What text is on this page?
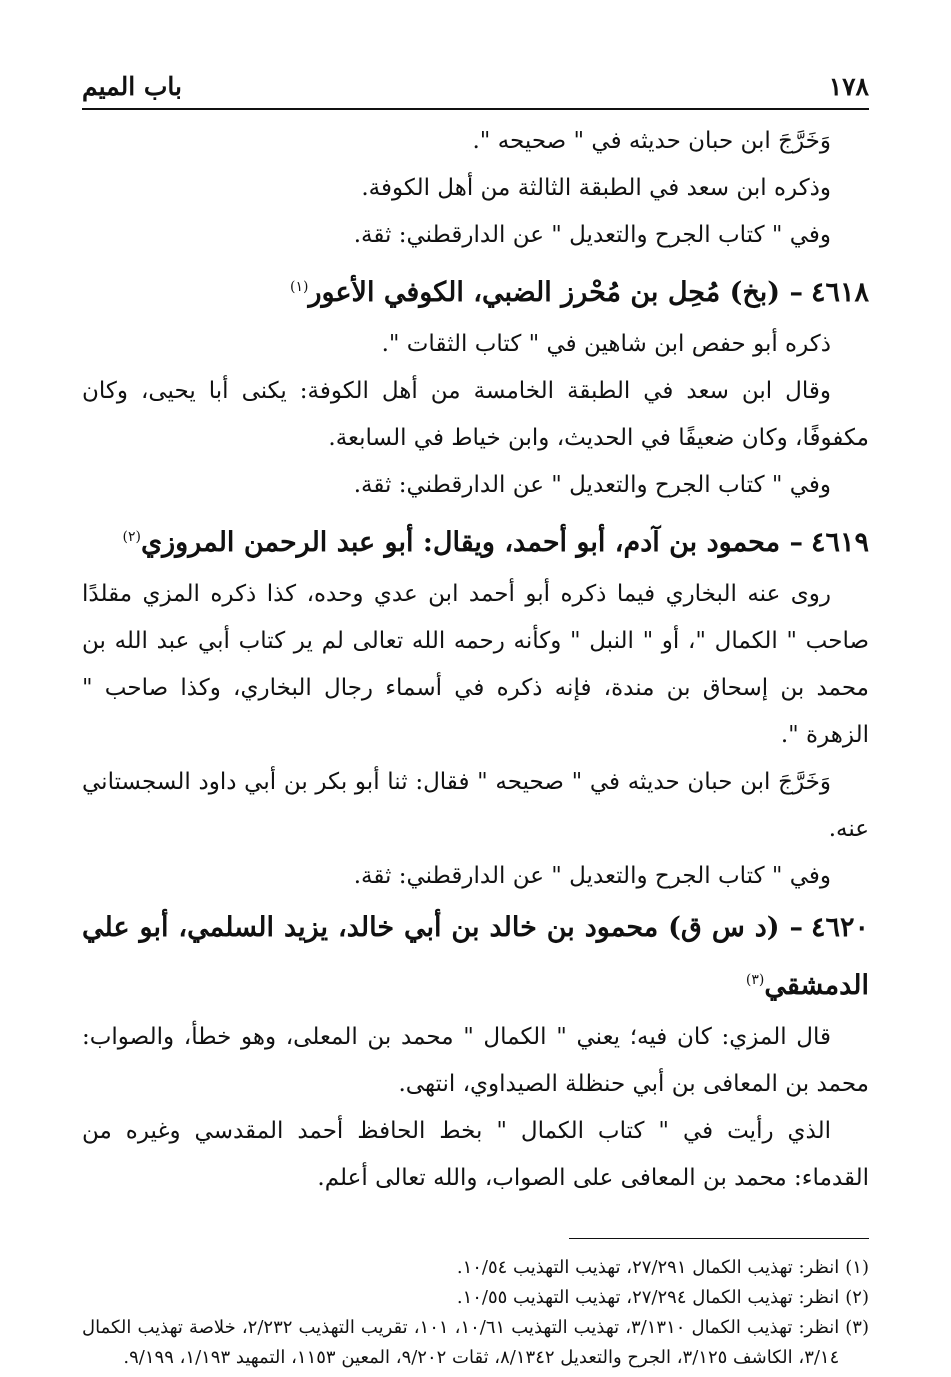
١٧٨
باب الميم

وَخَرَّجَ ابن حبان حديثه في " صحيحه ".

وذكره ابن سعد في الطبقة الثالثة من أهل الكوفة.

وفي " كتاب الجرح والتعديل " عن الدارقطني: ثقة.

٤٦١٨– (بخ) مُحِل بن مُحْرز الضبي، الكوفي الأعور$^{(١)}$

ذكره أبو حفص ابن شاهين في " كتاب الثقات ".

وقال ابن سعد في الطبقة الخامسة من أهل الكوفة: يكنى أبا يحيى، وكان مكفوفًا، وكان ضعيفًا في الحديث، وابن خياط في السابعة.

وفي " كتاب الجرح والتعديل " عن الدارقطني: ثقة.

٤٦١٩– محمود بن آدم، أبو أحمد، ويقال: أبو عبد الرحمن المروزي$^{(٢)}$

روى عنه البخاري فيما ذكره أبو أحمد ابن عدي وحده، كذا ذكره المزي مقلدًا صاحب " الكمال "، أو " النبل " وكأنه رحمه الله تعالى لم ير كتاب أبي عبد الله بن محمد بن إسحاق بن مندة، فإنه ذكره في أسماء رجال البخاري، وكذا صاحب " الزهرة ".

وَخَرَّجَ ابن حبان حديثه في " صحيحه " فقال: ثنا أبو بكر بن أبي داود السجستاني عنه.

وفي " كتاب الجرح والتعديل " عن الدارقطني: ثقة.

٤٦٢٠– (د س ق) محمود بن خالد بن أبي خالد، يزيد السلمي، أبو علي الدمشقي$^{(٣)}$

قال المزي: كان فيه؛ يعني " الكمال " محمد بن المعلى، وهو خطأ، والصواب: محمد بن المعافى بن أبي حنظلة الصيداوي، انتهى.

الذي رأيت في " كتاب الكمال " بخط الحافظ أحمد المقدسي وغيره من القدماء: محمد بن المعافى على الصواب، والله تعالى أعلم.

(١)
انظر: تهذيب الكمال ٢٧/٢٩١، تهذيب التهذيب ١٠/٥٤.
(٢)
انظر: تهذيب الكمال ٢٧/٢٩٤، تهذيب التهذيب ١٠/٥٥.
(٣)
انظر: تهذيب الكمال ٣/١٣١٠، تهذيب التهذيب ١٠/٦١، ١٠١، تقريب التهذيب ٢/٢٣٢، خلاصة تهذيب الكمال ٣/١٤، الكاشف ٣/١٢٥، الجرح والتعديل ٨/١٣٤٢، ثقات ٩/٢٠٢، المعين ١١٥٣، التمهيد ١/١٩٣، ٩/١٩٩.
